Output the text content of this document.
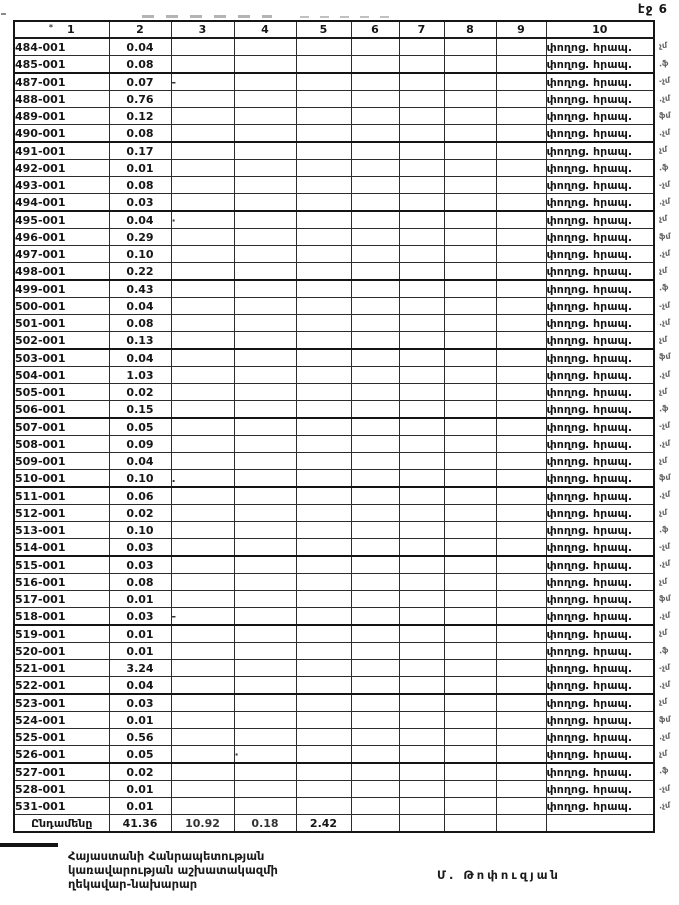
էջ 6
* 1	2	3	4	5	6	7	8	9	10
484-001	0.04								փողոց. հրապ.
485-001	0.08								փողոց. հրապ.
487-001	0.07	-							փողոց. հրապ.
488-001	0.76								փողոց. հրապ.
489-001	0.12								փողոց. հրապ.
490-001	0.08								փողոց. հրապ.
491-001	0.17								փողոց. հրապ.
492-001	0.01								փողոց. հրապ.
493-001	0.08								փողոց. հրապ.
494-001	0.03								փողոց. հրապ.
495-001	0.04	·							փողոց. հրապ.
496-001	0.29								փողոց. հրապ.
497-001	0.10								փողոց. հրապ.
498-001	0.22								փողոց. հրապ.
499-001	0.43								փողոց. հրապ.
500-001	0.04								փողոց. հրապ.
501-001	0.08								փողոց. հրապ.
502-001	0.13								փողոց. հրապ.
503-001	0.04								փողոց. հրապ.
504-001	1.03								փողոց. հրապ.
505-001	0.02								փողոց. հրապ.
506-001	0.15								փողոց. հրապ.
507-001	0.05								փողոց. հրապ.
508-001	0.09								փողոց. հրապ.
509-001	0.04								փողոց. հրապ.
510-001	0.10	.							փողոց. հրապ.
511-001	0.06								փողոց. հրապ.
512-001	0.02								փողոց. հրապ.
513-001	0.10								փողոց. հրապ.
514-001	0.03								փողոց. հրապ.
515-001	0.03								փողոց. հրապ.
516-001	0.08								փողոց. հրապ.
517-001	0.01								փողոց. հրապ.
518-001	0.03	-							փողոց. հրապ.
519-001	0.01								փողոց. հրապ.
520-001	0.01								փողոց. հրապ.
521-001	3.24								փողոց. հրապ.
522-001	0.04								փողոց. հրապ.
523-001	0.03								փողոց. հրապ.
524-001	0.01								փողոց. հրապ.
525-001	0.56								փողոց. հրապ.
526-001	0.05		·						փողոց. հրապ.
527-001	0.02								փողոց. հրապ.
528-001	0.01								փողոց. հրապ.
531-001	0.01								փողոց. հրապ.
Ընդամենը	41.36	10.92	0.18	2.42					
Հայաստանի Հանրապետության
կառավարության աշխատակազմի
ղեկավար-նախարար
Մ. Թոփուզյան
չմ
.ֆ
֊չմ
.չմ
ֆմ
.չմ
չմ
.ֆ
֊չմ
.չմ
չմ
ֆմ
.չմ
չմ
.ֆ
֊չմ
.չմ
չմ
ֆմ
.չմ
չմ
.ֆ
֊չմ
.չմ
չմ
ֆմ
.չմ
չմ
.ֆ
֊չմ
.չմ
չմ
ֆմ
.չմ
չմ
.ֆ
֊չմ
.չմ
չմ
ֆմ
.չմ
չմ
.ֆ
֊չմ
.չմ
